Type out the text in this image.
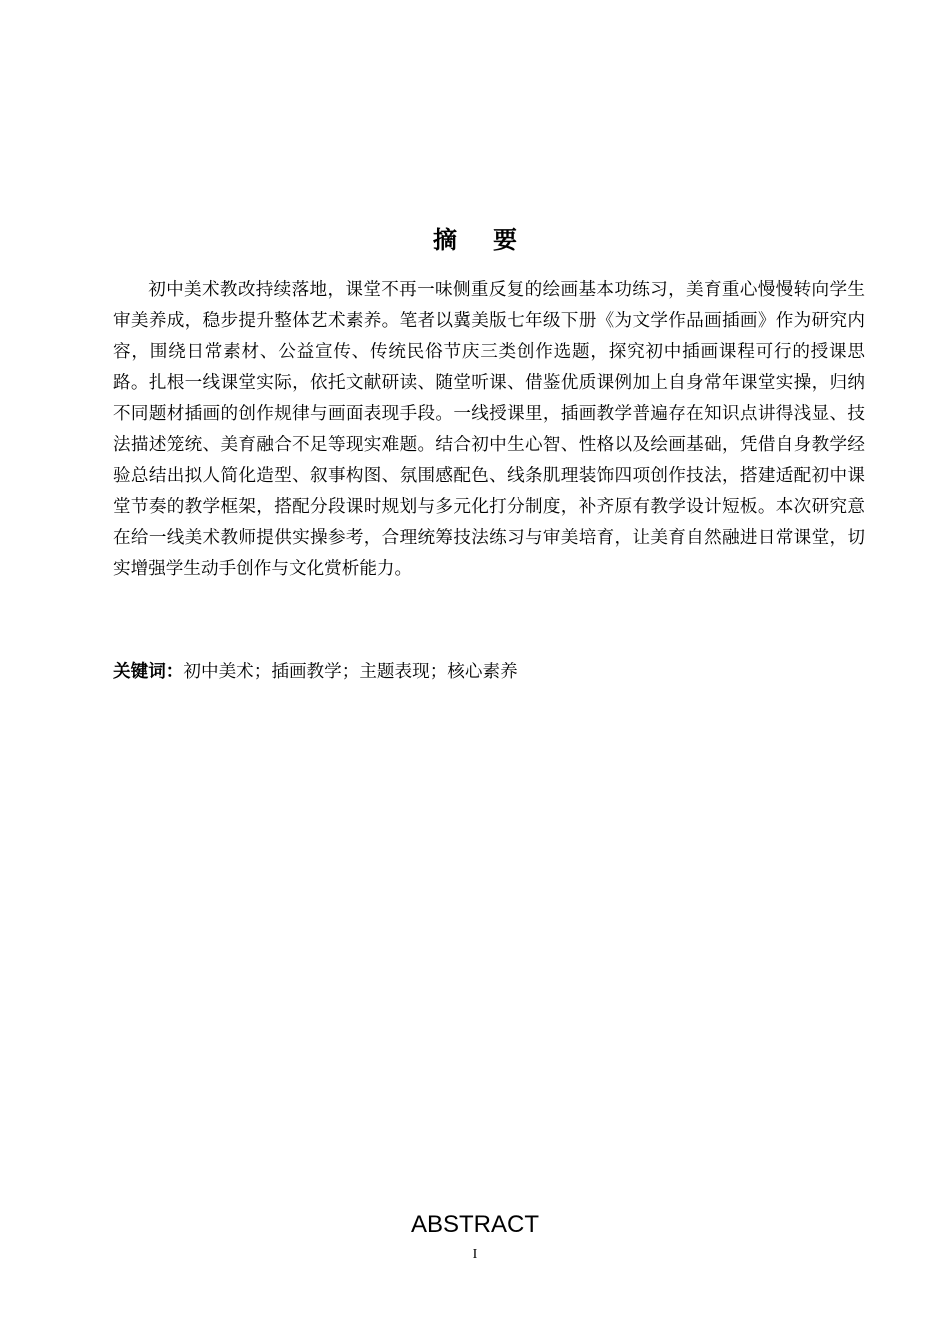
摘 要

初中美术教改持续落地，课堂不再一味侧重反复的绘画基本功练习，美育重心慢慢转向学生审美养成，稳步提升整体艺术素养。笔者以冀美版七年级下册《为文学作品画插画》作为研究内容，围绕日常素材、公益宣传、传统民俗节庆三类创作选题，探究初中插画课程可行的授课思路。扎根一线课堂实际，依托文献研读、随堂听课、借鉴优质课例加上自身常年课堂实操，归纳不同题材插画的创作规律与画面表现手段。一线授课里，插画教学普遍存在知识点讲得浅显、技法描述笼统、美育融合不足等现实难题。结合初中生心智、性格以及绘画基础，凭借自身教学经验总结出拟人简化造型、叙事构图、氛围感配色、线条肌理装饰四项创作技法，搭建适配初中课堂节奏的教学框架，搭配分段课时规划与多元化打分制度，补齐原有教学设计短板。本次研究意在给一线美术教师提供实操参考，合理统筹技法练习与审美培育，让美育自然融进日常课堂，切实增强学生动手创作与文化赏析能力。

关键词：初中美术；插画教学；主题表现；核心素养

ABSTRACT
I
